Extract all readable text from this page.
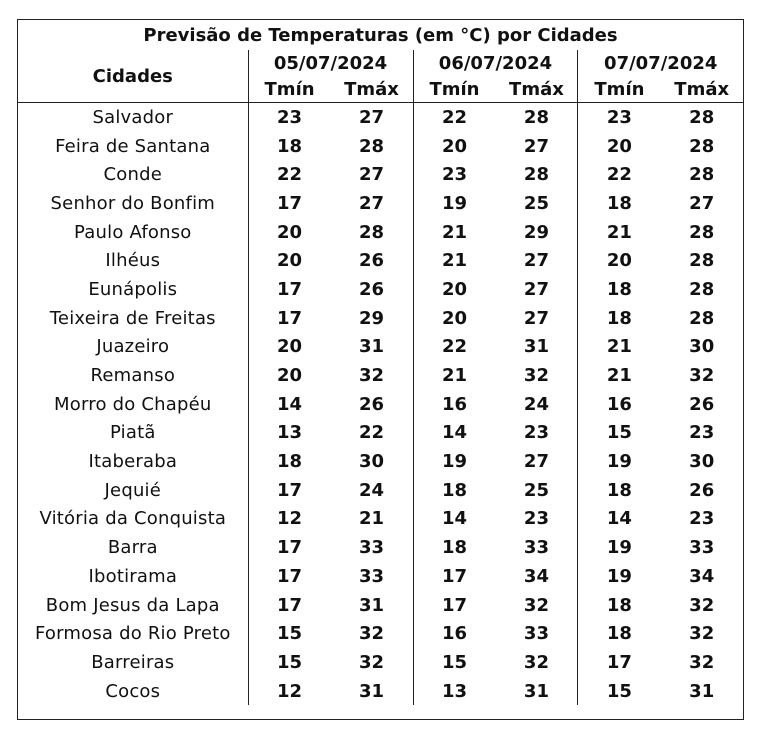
Previsão de Temperaturas (em °C) por Cidades						
Cidades	05/07/2024		06/07/2024		07/07/2024	
	Tmín	Tmáx	Tmín	Tmáx	Tmín	Tmáx
Salvador	23	27	22	28	23	28
Feira de Santana	18	28	20	27	20	28
Conde	22	27	23	28	22	28
Senhor do Bonfim	17	27	19	25	18	27
Paulo Afonso	20	28	21	29	21	28
Ilhéus	20	26	21	27	20	28
Eunápolis	17	26	20	27	18	28
Teixeira de Freitas	17	29	20	27	18	28
Juazeiro	20	31	22	31	21	30
Remanso	20	32	21	32	21	32
Morro do Chapéu	14	26	16	24	16	26
Piatã	13	22	14	23	15	23
Itaberaba	18	30	19	27	19	30
Jequié	17	24	18	25	18	26
Vitória da Conquista	12	21	14	23	14	23
Barra	17	33	18	33	19	33
Ibotirama	17	33	17	34	19	34
Bom Jesus da Lapa	17	31	17	32	18	32
Formosa do Rio Preto	15	32	16	33	18	32
Barreiras	15	32	15	32	17	32
Cocos	12	31	13	31	15	31
